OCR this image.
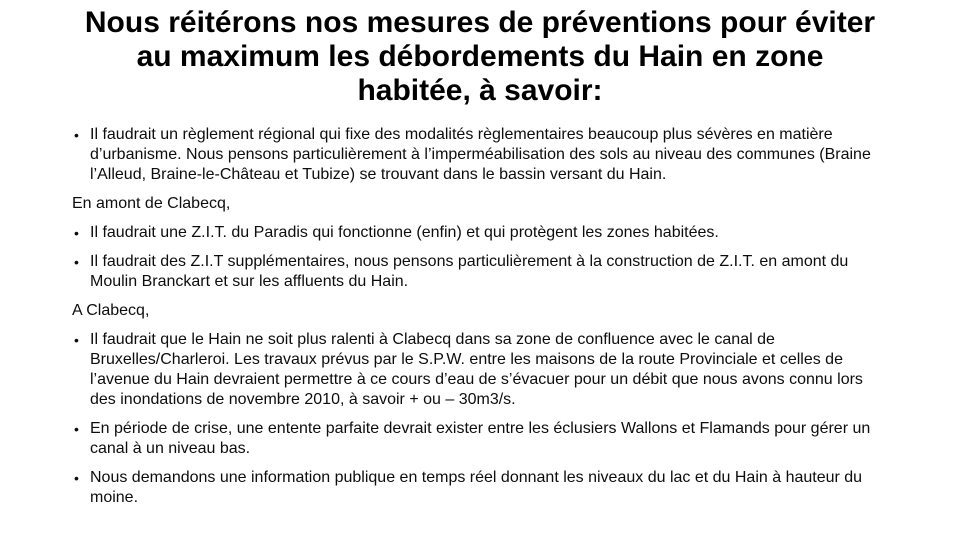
Nous réitérons nos mesures de préventions pour éviter au maximum les débordements du Hain en zone habitée, à savoir:
• Il faudrait un règlement régional qui fixe des modalités règlementaires beaucoup plus sévères en matière d’urbanisme. Nous pensons particulièrement à l’imperméabilisation des sols au niveau des communes (Braine l’Alleud, Braine-le-Château et Tubize) se trouvant dans le bassin versant du Hain.

En amont de Clabecq,

• Il faudrait une Z.I.T. du Paradis qui fonctionne (enfin) et qui protègent les zones habitées.
• Il faudrait des Z.I.T supplémentaires, nous pensons particulièrement à la construction de Z.I.T. en amont du Moulin Branckart et sur les affluents du Hain.

A Clabecq,

• Il faudrait que le Hain ne soit plus ralenti à Clabecq dans sa zone de confluence avec le canal de Bruxelles/Charleroi. Les travaux prévus par le S.P.W. entre les maisons de la route Provinciale et celles de l’avenue du Hain devraient permettre à ce cours d’eau de s’évacuer pour un débit que nous avons connu lors des inondations de novembre 2010, à savoir + ou – 30m3/s.
• En période de crise, une entente parfaite devrait exister entre les éclusiers Wallons et Flamands pour gérer un canal à un niveau bas.
• Nous demandons une information publique en temps réel donnant les niveaux du lac et du Hain à hauteur du moine.
